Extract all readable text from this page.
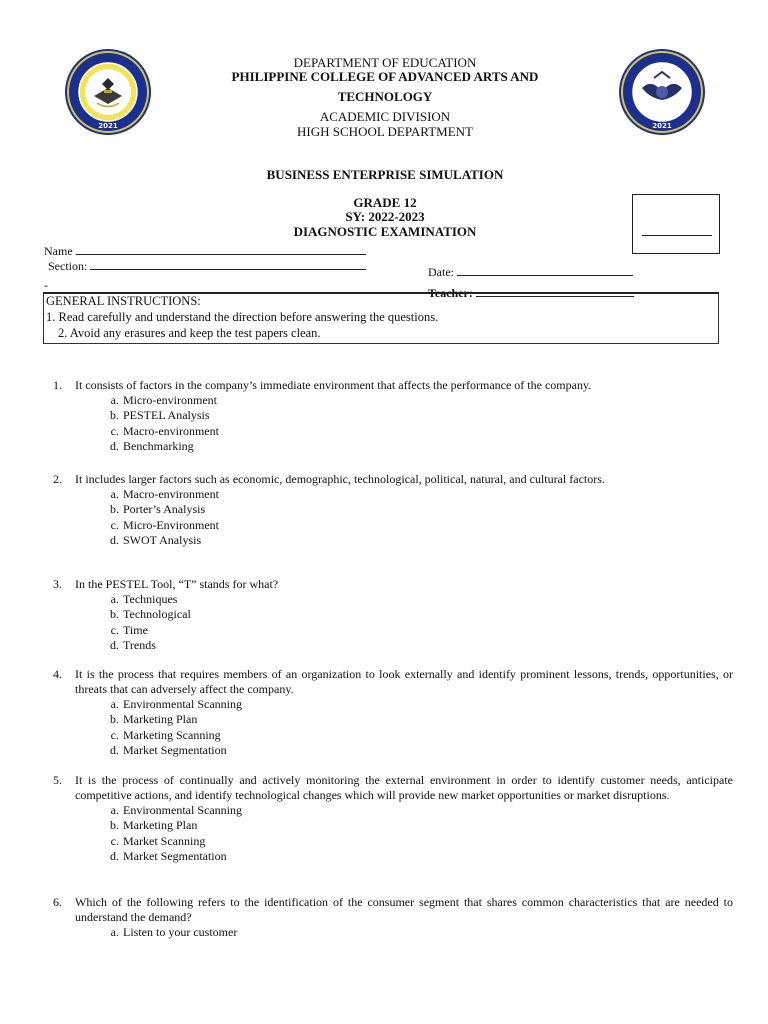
2021	2021
DEPARTMENT OF EDUCATION
PHILIPPINE COLLEGE OF ADVANCED ARTS AND
TECHNOLOGY
ACADEMIC DIVISION
HIGH SCHOOL DEPARTMENT
BUSINESS ENTERPRISE SIMULATION
GRADE 12
SY: 2022-2023
DIAGNOSTIC EXAMINATION
Name
Section:	Date:
-
Teacher:
GENERAL INSTRUCTIONS:
1. Read carefully and understand the direction before answering the questions.
2. Avoid any erasures and keep the test papers clean.
1. It consists of factors in the company’s immediate environment that affects the performance of the company.
a. Micro-environment
b. PESTEL Analysis
c. Macro-environment
d. Benchmarking
2. It includes larger factors such as economic, demographic, technological, political, natural, and cultural factors.
a. Macro-environment
b. Porter’s Analysis
c. Micro-Environment
d. SWOT Analysis
3. In the PESTEL Tool, “T” stands for what?
a. Techniques
b. Technological
c. Time
d. Trends
4. It is the process that requires members of an organization to look externally and identify prominent lessons, trends, opportunities, or threats that can adversely affect the company.
a. Environmental Scanning
b. Marketing Plan
c. Marketing Scanning
d. Market Segmentation
5. It is the process of continually and actively monitoring the external environment in order to identify customer needs, anticipate competitive actions, and identify technological changes which will provide new market opportunities or market disruptions.
a. Environmental Scanning
b. Marketing Plan
c. Market Scanning
d. Market Segmentation
6. Which of the following refers to the identification of the consumer segment that shares common characteristics that are needed to understand the demand?
a. Listen to your customer
